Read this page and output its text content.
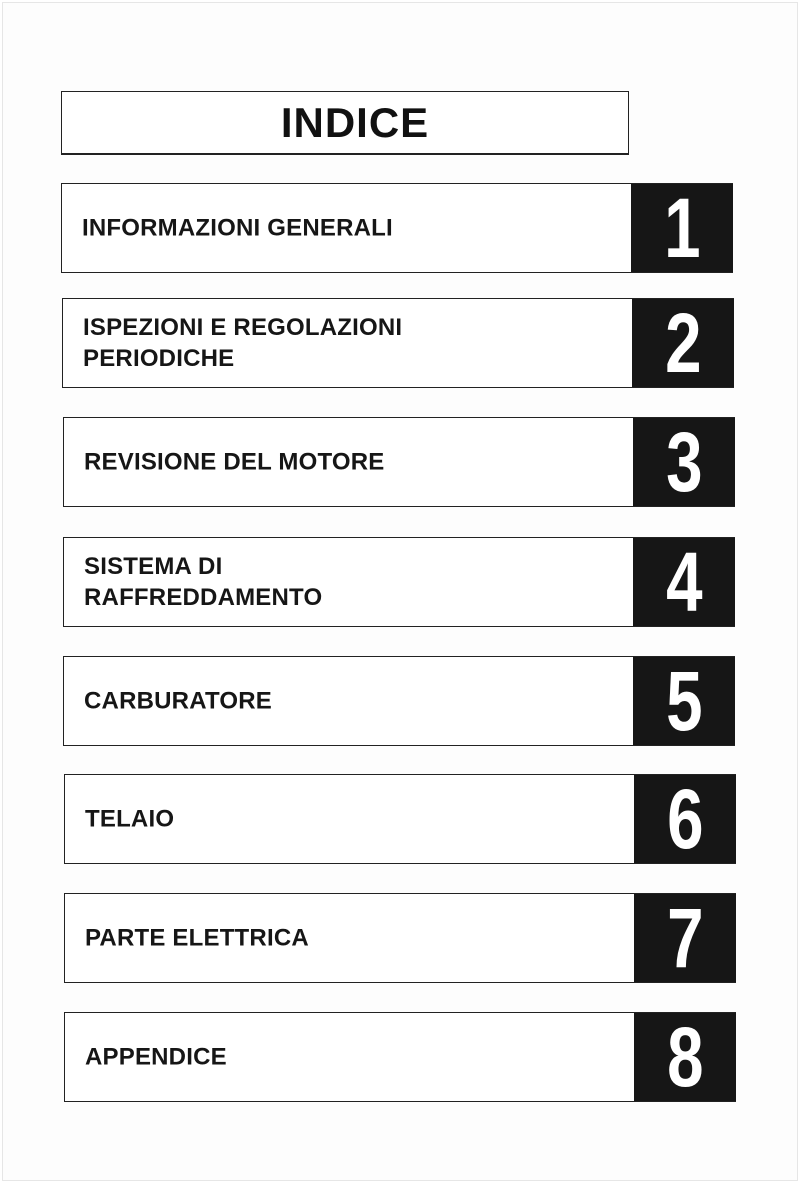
INDICE
INFORMAZIONI GENERALI	1
ISPEZIONI E REGOLAZIONI
PERIODICHE	2
REVISIONE DEL MOTORE	3
SISTEMA DI
RAFFREDDAMENTO	4
CARBURATORE	5
TELAIO	6
PARTE ELETTRICA	7
APPENDICE	8
